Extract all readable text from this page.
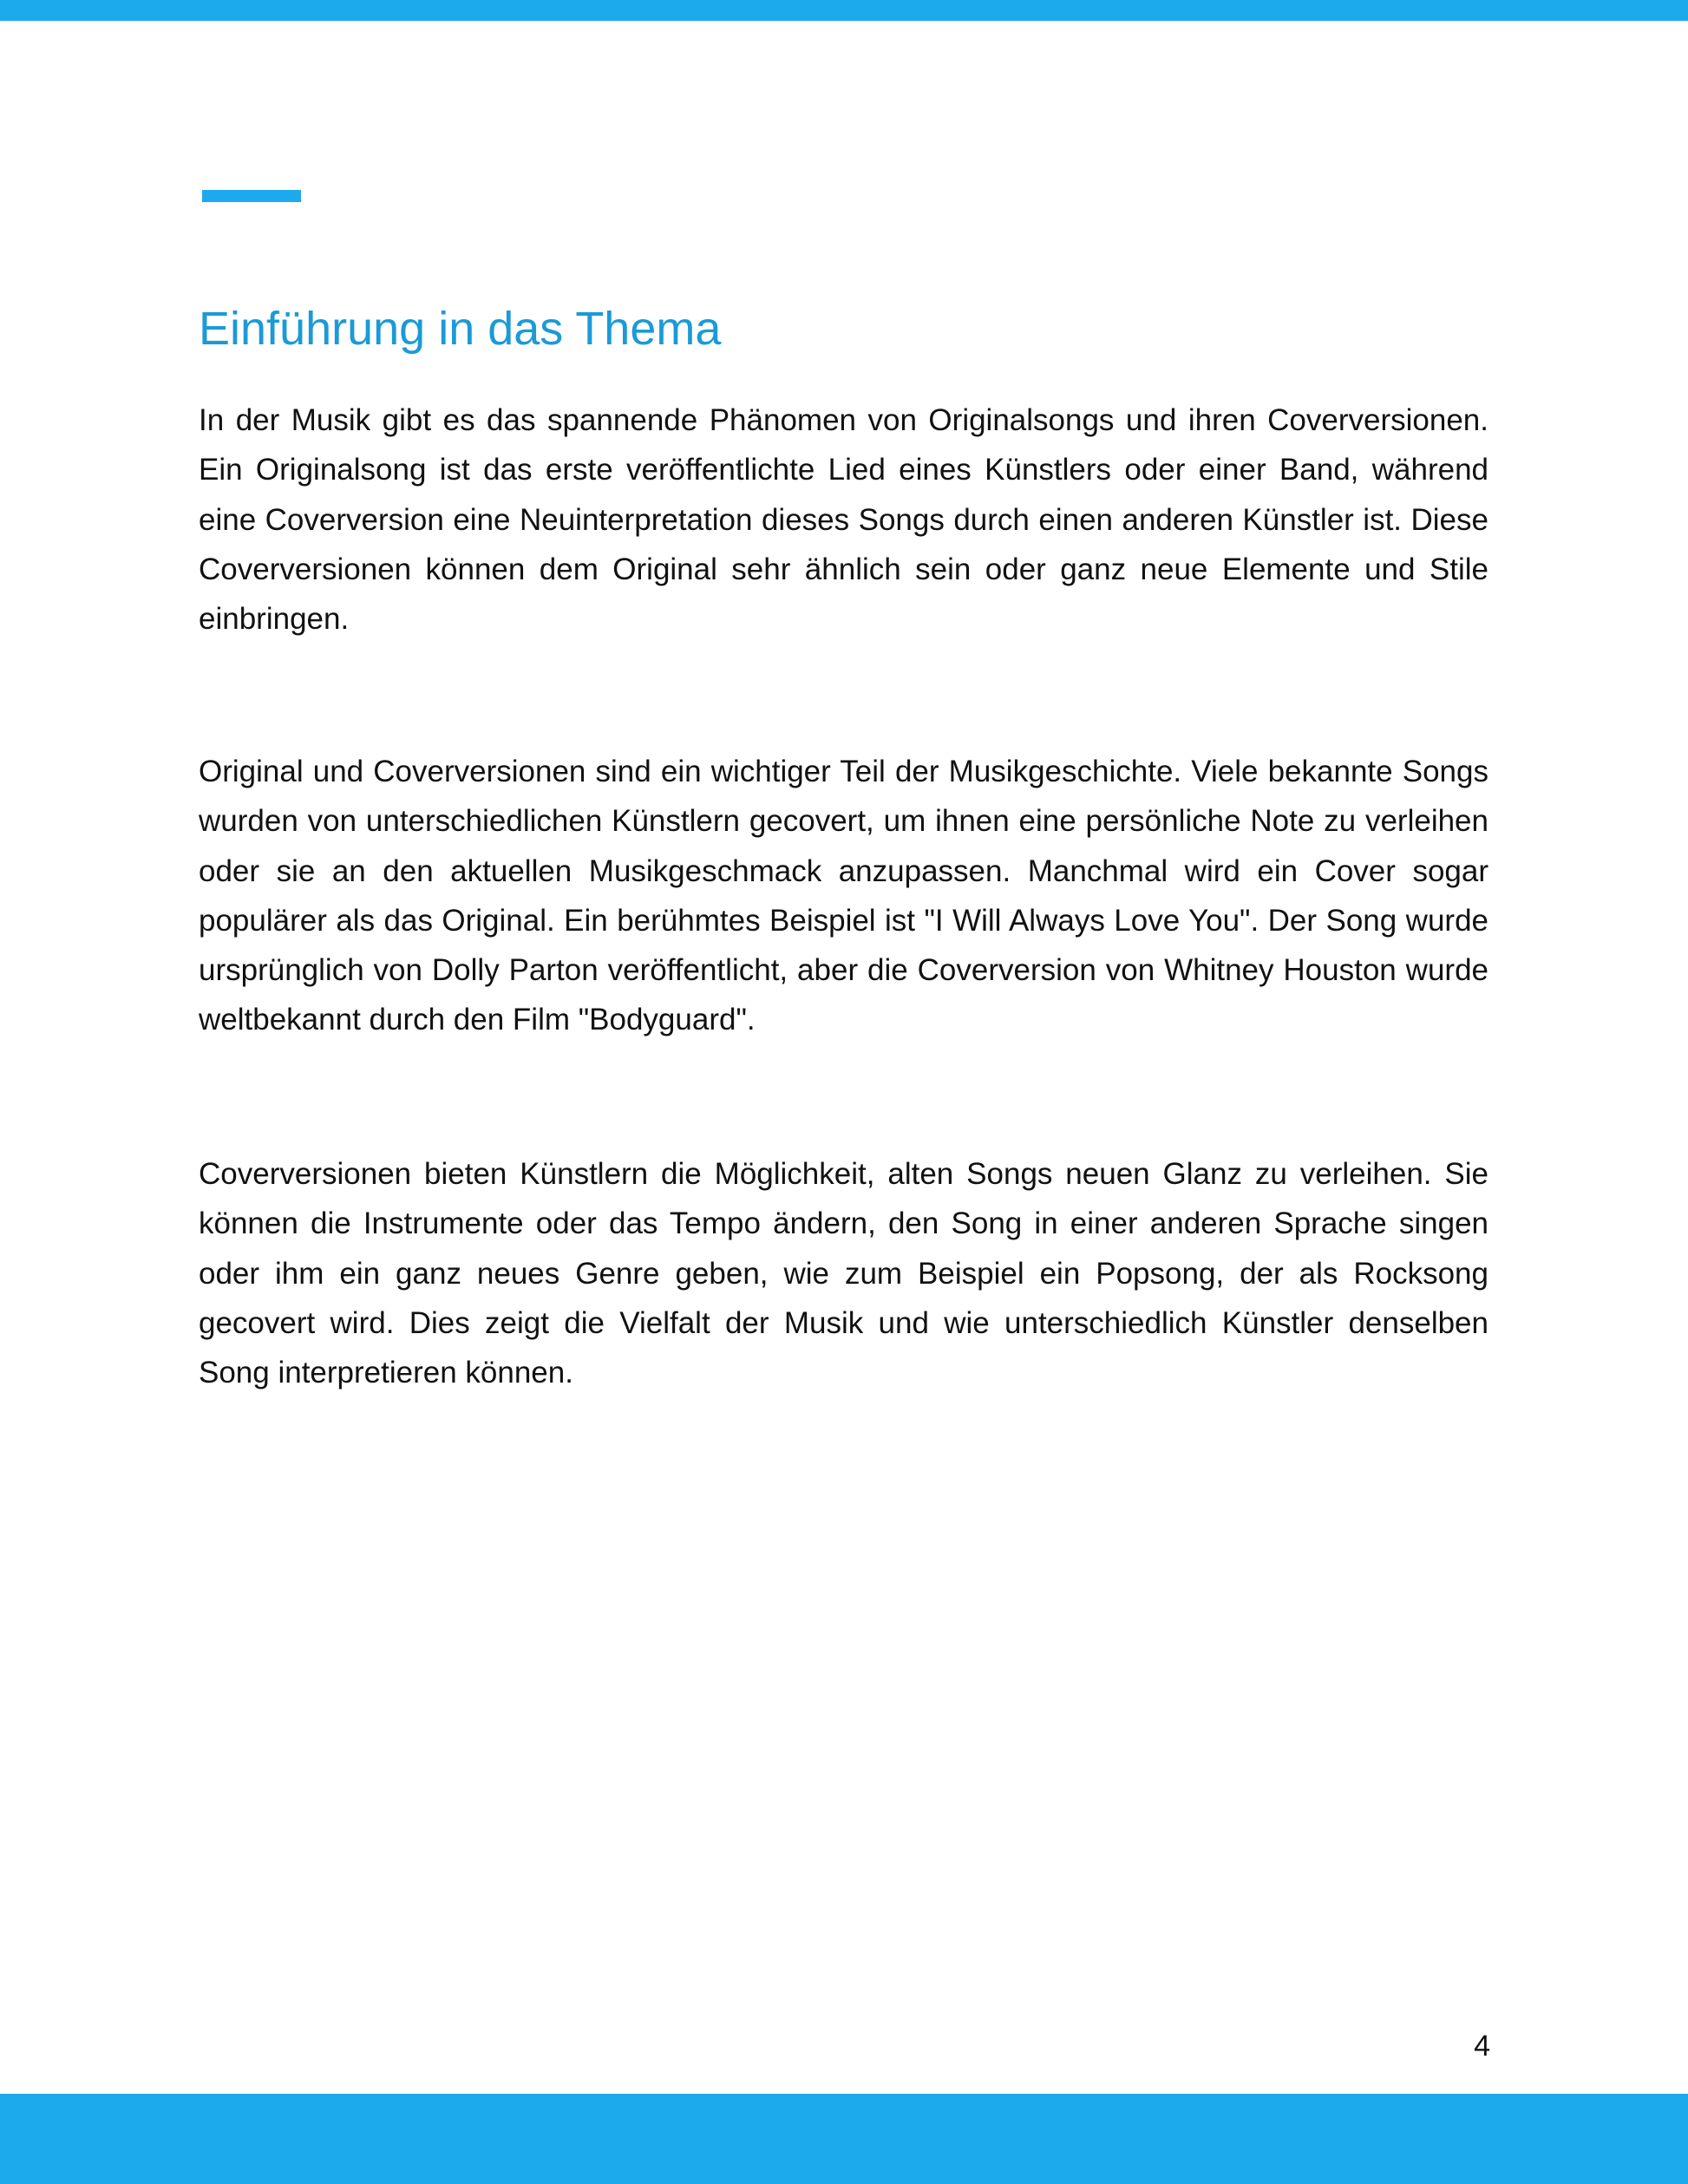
Einführung in das Thema

In der Musik gibt es das spannende Phänomen von Originalsongs und ihren Coverversionen. Ein Originalsong ist das erste veröffentlichte Lied eines Künstlers oder einer Band, während eine Coverversion eine Neuinterpretation dieses Songs durch einen anderen Künstler ist. Diese Coverversionen können dem Original sehr ähnlich sein oder ganz neue Elemente und Stile einbringen.

Original und Coverversionen sind ein wichtiger Teil der Musikgeschichte. Viele bekannte Songs wurden von unterschiedlichen Künstlern gecovert, um ihnen eine persönliche Note zu verleihen oder sie an den aktuellen Musikgeschmack anzupassen. Manchmal wird ein Cover sogar populärer als das Original. Ein berühmtes Beispiel ist "I Will Always Love You". Der Song wurde ursprünglich von Dolly Parton veröffentlicht, aber die Coverversion von Whitney Houston wurde weltbekannt durch den Film "Bodyguard".

Coverversionen bieten Künstlern die Möglichkeit, alten Songs neuen Glanz zu verleihen. Sie können die Instrumente oder das Tempo ändern, den Song in einer anderen Sprache singen oder ihm ein ganz neues Genre geben, wie zum Beispiel ein Popsong, der als Rocksong gecovert wird. Dies zeigt die Vielfalt der Musik und wie unterschiedlich Künstler denselben Song interpretieren können.

4
